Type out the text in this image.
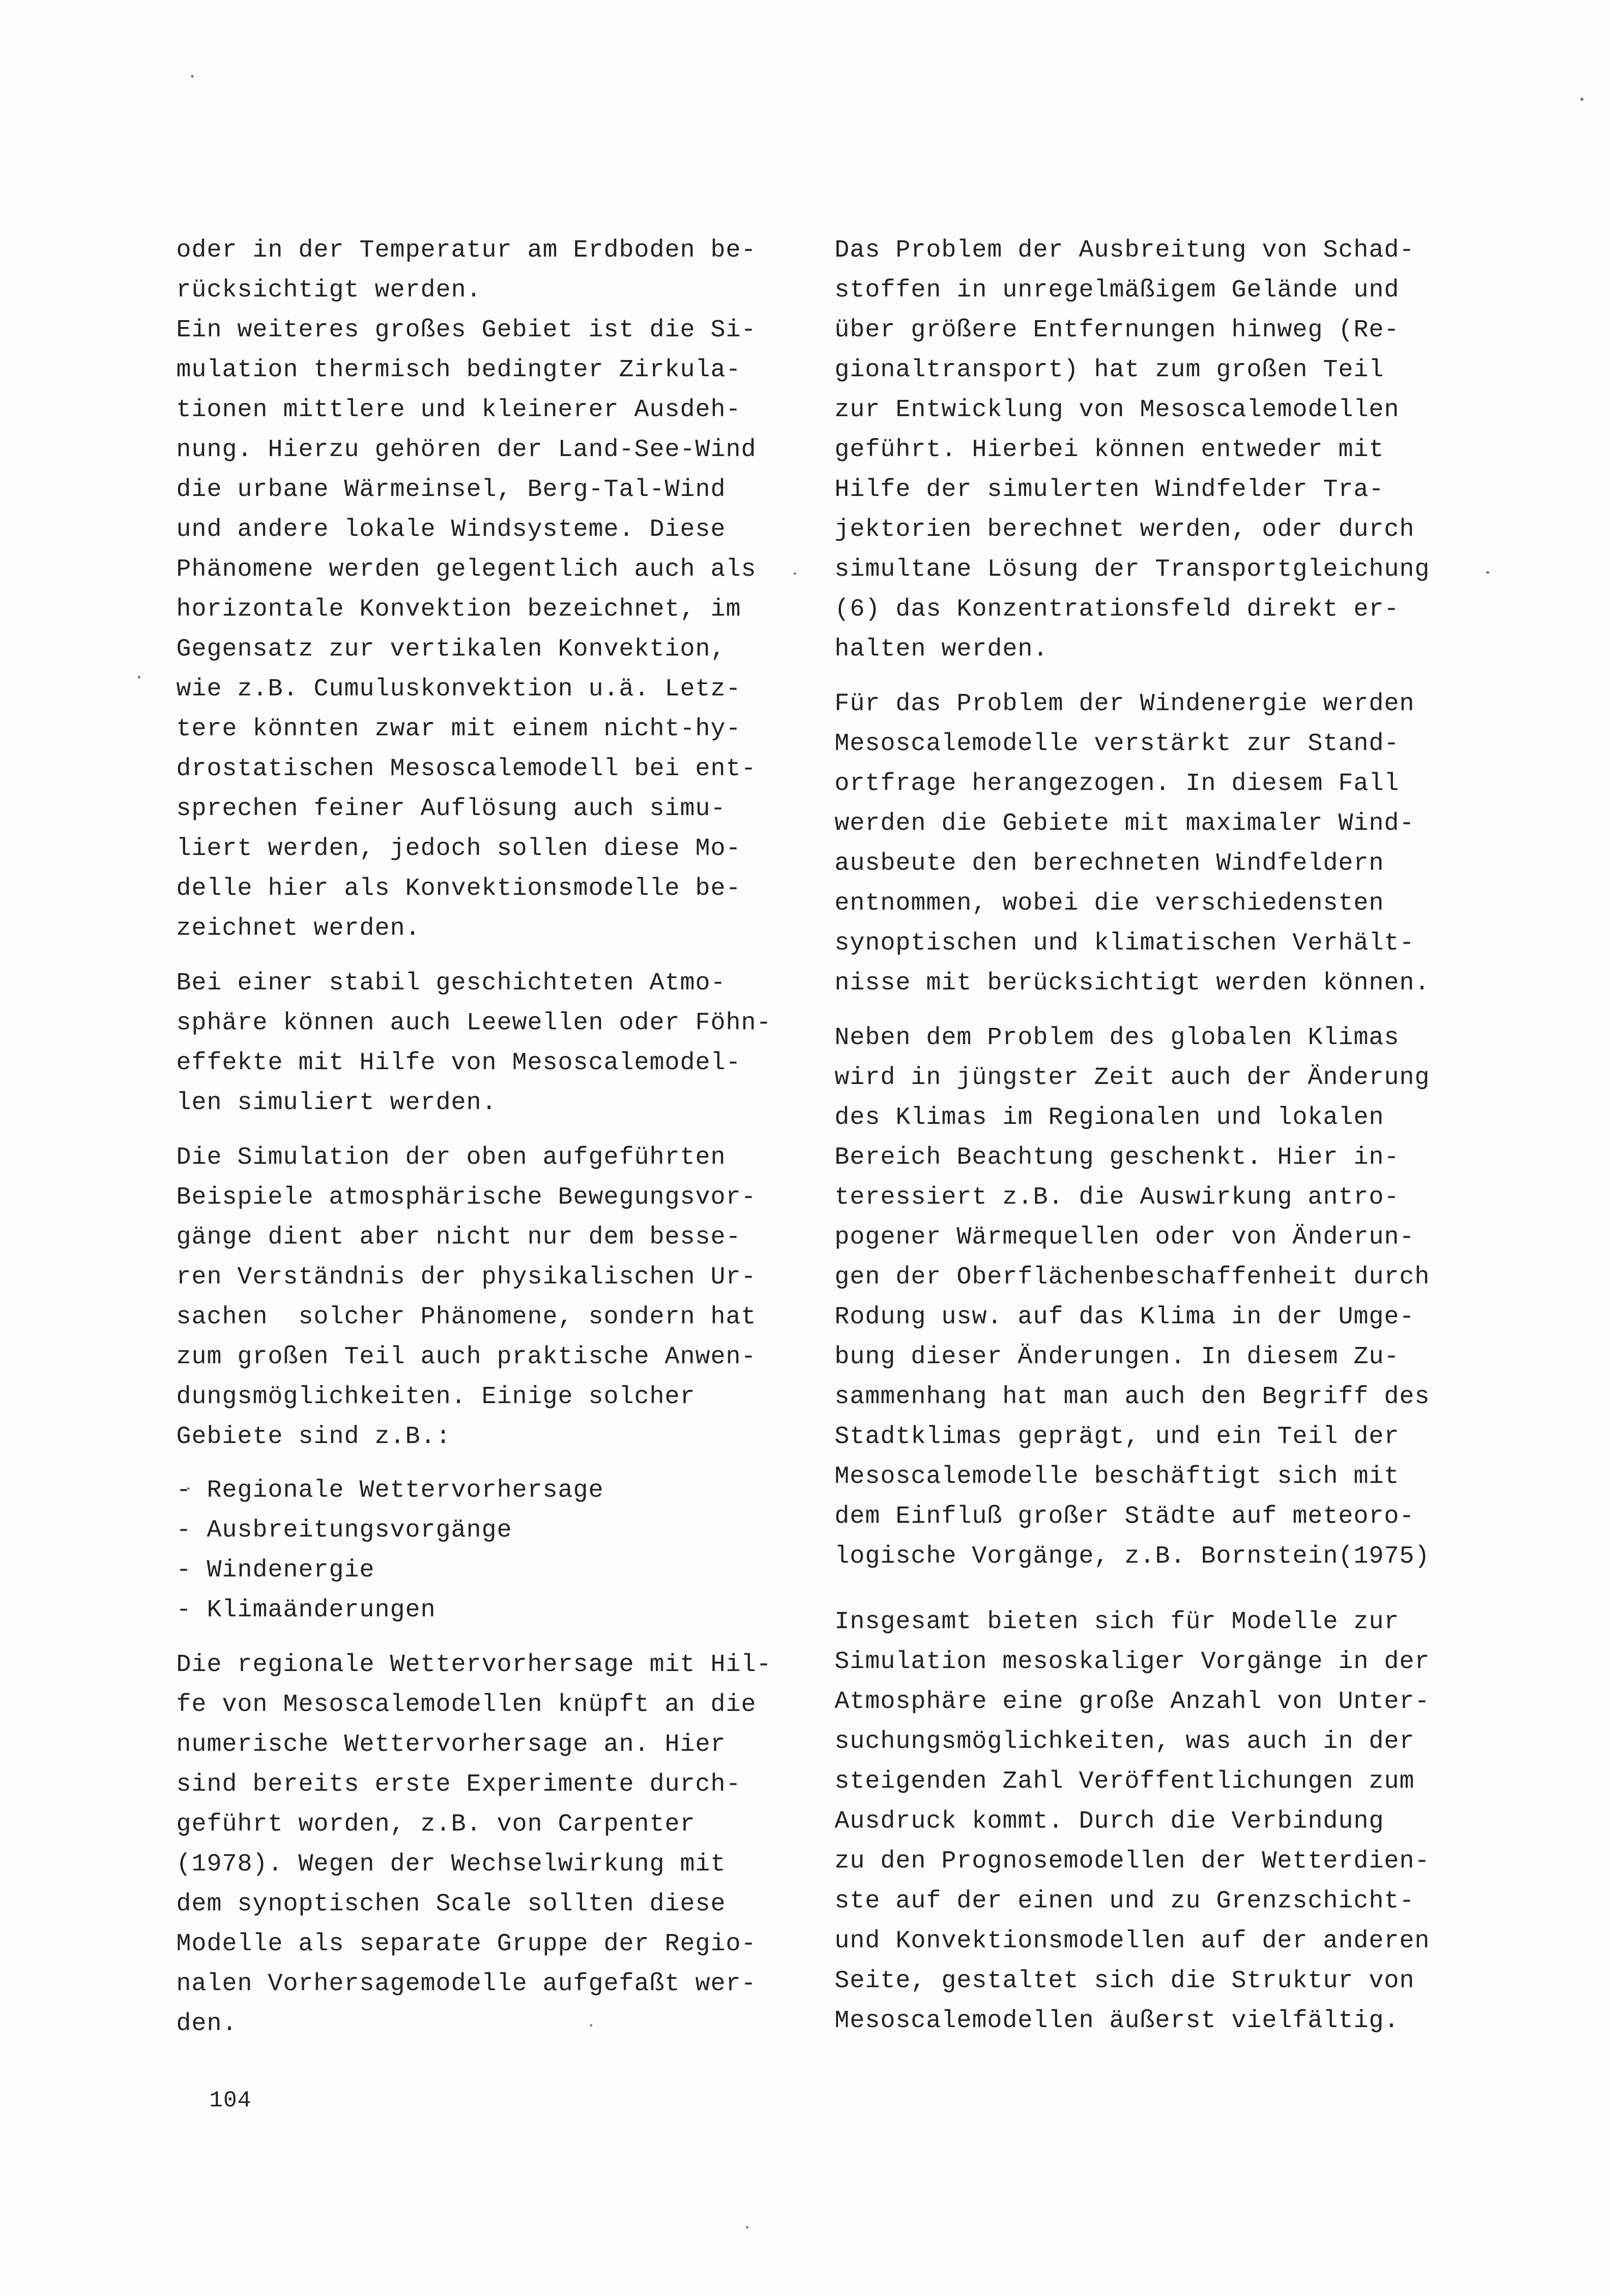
oder in der Temperatur am Erdboden be-
rücksichtigt werden.
Ein weiteres großes Gebiet ist die Si-
mulation thermisch bedingter Zirkula-
tionen mittlere und kleinerer Ausdeh-
nung. Hierzu gehören der Land-See-Wind
die urbane Wärmeinsel, Berg-Tal-Wind
und andere lokale Windsysteme. Diese
Phänomene werden gelegentlich auch als
horizontale Konvektion bezeichnet, im
Gegensatz zur vertikalen Konvektion,
wie z.B. Cumuluskonvektion u.ä. Letz-
tere könnten zwar mit einem nicht-hy-
drostatischen Mesoscalemodell bei ent-
sprechen feiner Auflösung auch simu-
liert werden, jedoch sollen diese Mo-
delle hier als Konvektionsmodelle be-
zeichnet werden.
Bei einer stabil geschichteten Atmo-
sphäre können auch Leewellen oder Föhn-
effekte mit Hilfe von Mesoscalemodel-
len simuliert werden.
Die Simulation der oben aufgeführten
Beispiele atmosphärische Bewegungsvor-
gänge dient aber nicht nur dem besse-
ren Verständnis der physikalischen Ur-
sachen  solcher Phänomene, sondern hat
zum großen Teil auch praktische Anwen-
dungsmöglichkeiten. Einige solcher
Gebiete sind z.B.:
- Regionale Wettervorhersage
- Ausbreitungsvorgänge
- Windenergie
- Klimaänderungen
Die regionale Wettervorhersage mit Hil-
fe von Mesoscalemodellen knüpft an die
numerische Wettervorhersage an. Hier
sind bereits erste Experimente durch-
geführt worden, z.B. von Carpenter
(1978). Wegen der Wechselwirkung mit
dem synoptischen Scale sollten diese
Modelle als separate Gruppe der Regio-
nalen Vorhersagemodelle aufgefaßt wer-
den.
Das Problem der Ausbreitung von Schad-
stoffen in unregelmäßigem Gelände und
über größere Entfernungen hinweg (Re-
gionaltransport) hat zum großen Teil
zur Entwicklung von Mesoscalemodellen
geführt. Hierbei können entweder mit
Hilfe der simulerten Windfelder Tra-
jektorien berechnet werden, oder durch
simultane Lösung der Transportgleichung
(6) das Konzentrationsfeld direkt er-
halten werden.
Für das Problem der Windenergie werden
Mesoscalemodelle verstärkt zur Stand-
ortfrage herangezogen. In diesem Fall
werden die Gebiete mit maximaler Wind-
ausbeute den berechneten Windfeldern
entnommen, wobei die verschiedensten
synoptischen und klimatischen Verhält-
nisse mit berücksichtigt werden können.
Neben dem Problem des globalen Klimas
wird in jüngster Zeit auch der Änderung
des Klimas im Regionalen und lokalen
Bereich Beachtung geschenkt. Hier in-
teressiert z.B. die Auswirkung antro-
pogener Wärmequellen oder von Änderun-
gen der Oberflächenbeschaffenheit durch
Rodung usw. auf das Klima in der Umge-
bung dieser Änderungen. In diesem Zu-
sammenhang hat man auch den Begriff des
Stadtklimas geprägt, und ein Teil der
Mesoscalemodelle beschäftigt sich mit
dem Einfluß großer Städte auf meteoro-
logische Vorgänge, z.B. Bornstein(1975)
Insgesamt bieten sich für Modelle zur
Simulation mesoskaliger Vorgänge in der
Atmosphäre eine große Anzahl von Unter-
suchungsmöglichkeiten, was auch in der
steigenden Zahl Veröffentlichungen zum
Ausdruck kommt. Durch die Verbindung
zu den Prognosemodellen der Wetterdien-
ste auf der einen und zu Grenzschicht-
und Konvektionsmodellen auf der anderen
Seite, gestaltet sich die Struktur von
Mesoscalemodellen äußerst vielfältig.
104
